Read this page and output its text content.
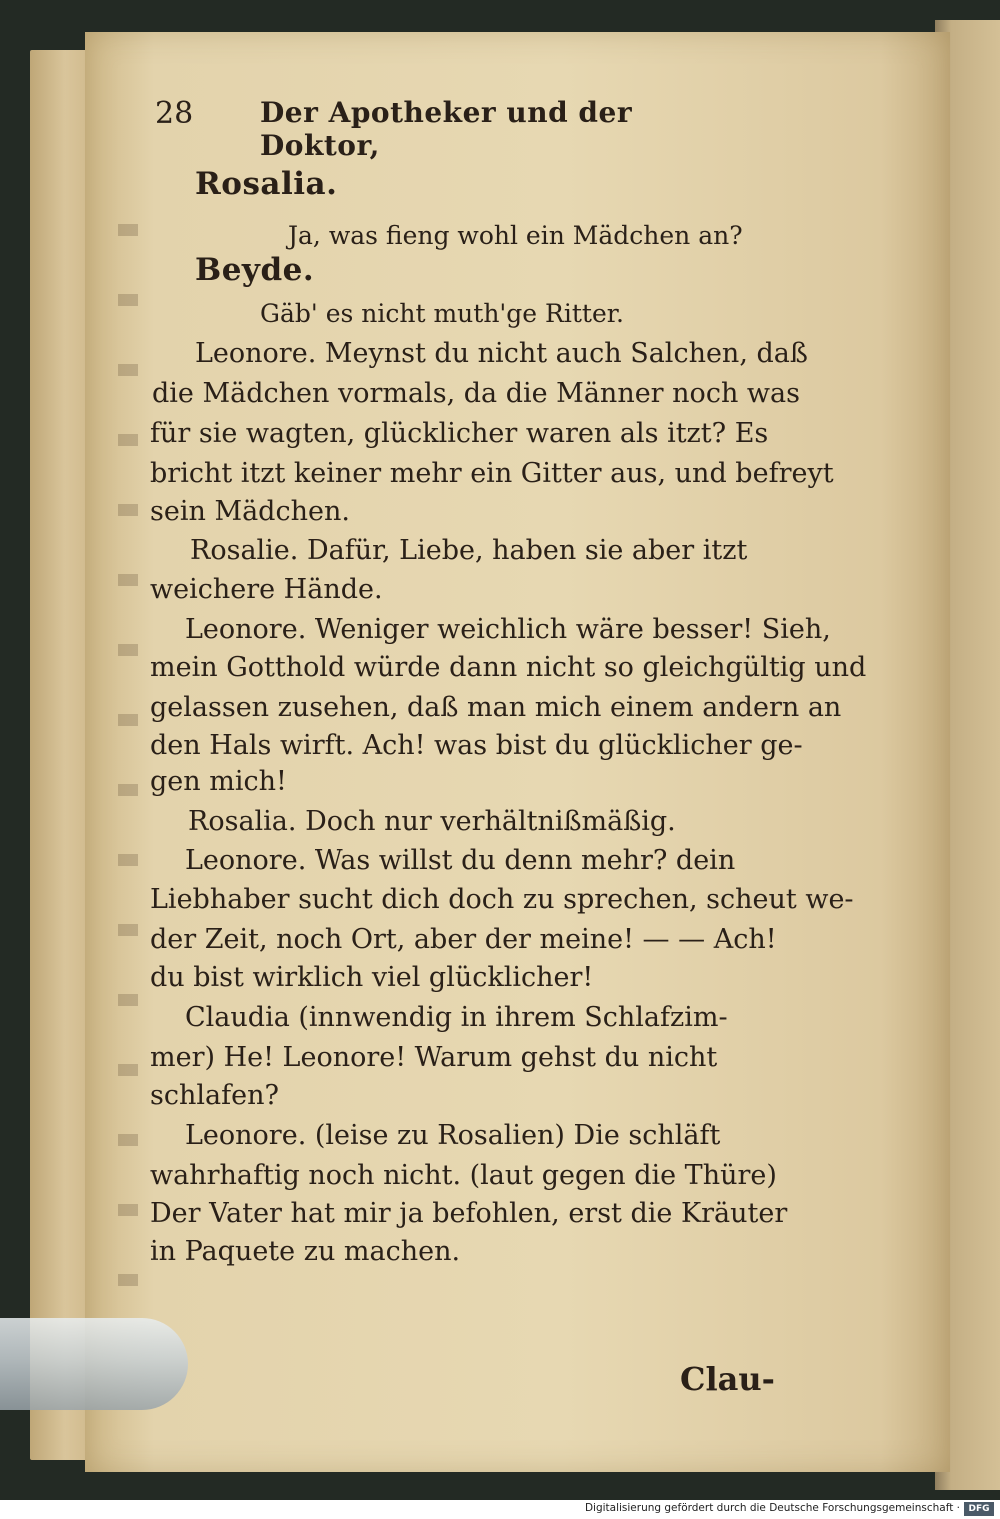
28 Der Apotheker und der Doktor,
Rosalia.
Ja, was fieng wohl ein Mädchen an?
Beyde.
Gäb' es nicht muth'ge Ritter.
Leonore. Meynst du nicht auch Salchen, daß
die Mädchen vormals, da die Männer noch was
für sie wagten, glücklicher waren als itzt? Es
bricht itzt keiner mehr ein Gitter aus, und befreyt
sein Mädchen.
Rosalie. Dafür, Liebe, haben sie aber itzt
weichere Hände.
Leonore. Weniger weichlich wäre besser! Sieh,
mein Gotthold würde dann nicht so gleichgültig und
gelassen zusehen, daß man mich einem andern an
den Hals wirft. Ach! was bist du glücklicher ge-
gen mich!
Rosalia. Doch nur verhältnißmäßig.
Leonore. Was willst du denn mehr? dein
Liebhaber sucht dich doch zu sprechen, scheut we-
der Zeit, noch Ort, aber der meine! — — Ach!
du bist wirklich viel glücklicher!
Claudia (innwendig in ihrem Schlafzim-
mer) He! Leonore! Warum gehst du nicht
schlafen?
Leonore. (leise zu Rosalien) Die schläft
wahrhaftig noch nicht. (laut gegen die Thüre)
Der Vater hat mir ja befohlen, erst die Kräuter
in Paquete zu machen.
Clau-
Digitalisierung gefördert durch die Deutsche Forschungsgemeinschaft · DFG
